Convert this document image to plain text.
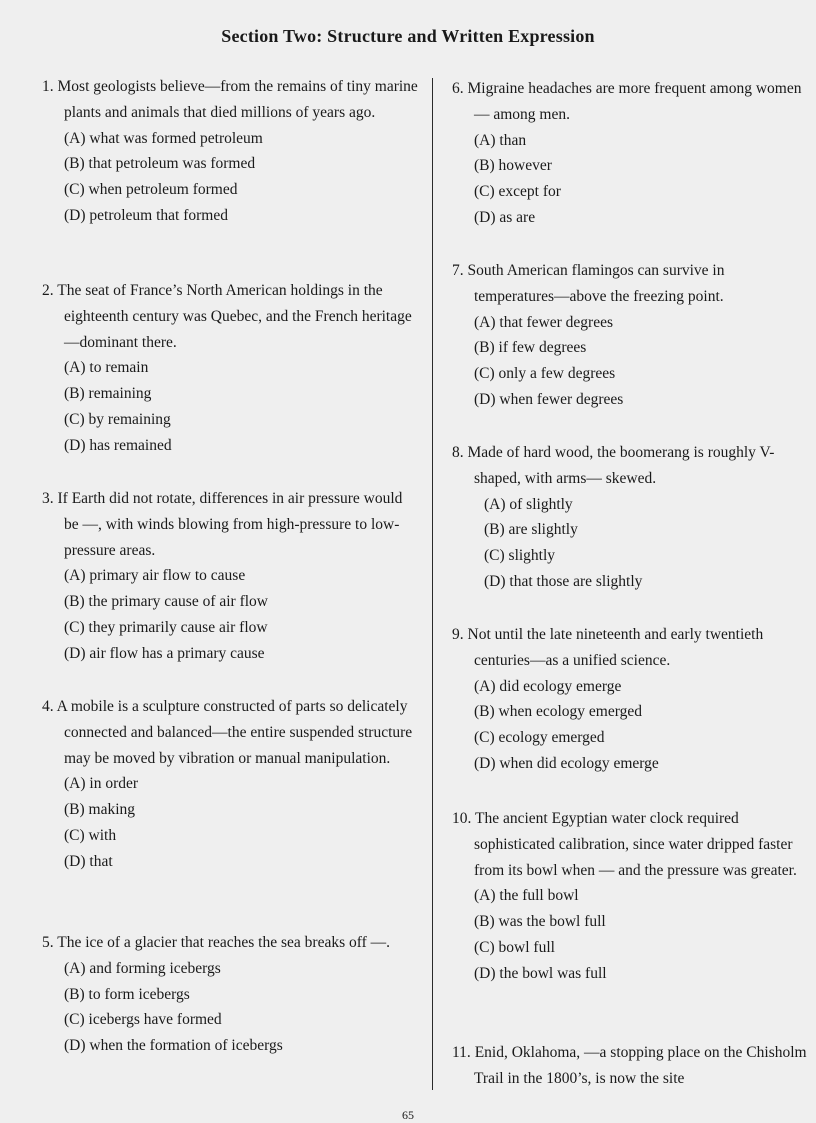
Section Two: Structure and Written Expression

1. Most geologists believe—from the remains of tiny marine plants and animals that died millions of years ago.

(A) what was formed petroleum

(B) that petroleum was formed

(C) when petroleum formed

(D) petroleum that formed

2. The seat of France’s North American holdings in the eighteenth century was Quebec, and the French heritage—dominant there.

(A) to remain

(B) remaining

(C) by remaining

(D) has remained

3. If Earth did not rotate, differences in air pressure would be —, with winds blowing from high-pressure to low-pressure areas.

(A) primary air flow to cause

(B) the primary cause of air flow

(C) they primarily cause air flow

(D) air flow has a primary cause

4. A mobile is a sculpture constructed of parts so delicately connected and balanced—the entire suspended structure may be moved by vibration or manual manipulation.

(A) in order

(B) making

(C) with

(D) that

5. The ice of a glacier that reaches the sea breaks off —.

(A) and forming icebergs

(B) to form icebergs

(C) icebergs have formed

(D) when the formation of icebergs

6. Migraine headaches are more frequent among women— among men.

(A) than

(B) however

(C) except for

(D) as are

7. South American flamingos can survive in temperatures—above the freezing point.

(A) that fewer degrees

(B) if few degrees

(C) only a few degrees

(D) when fewer degrees

8. Made of hard wood, the boomerang is roughly V-shaped, with arms— skewed.

(A) of slightly

(B) are slightly

(C) slightly

(D) that those are slightly

9. Not until the late nineteenth and early twentieth centuries—as a unified science.

(A) did ecology emerge

(B) when ecology emerged

(C) ecology emerged

(D) when did ecology emerge

10. The ancient Egyptian water clock required sophisticated calibration, since water dripped faster from its bowl when — and the pressure was greater.

(A) the full bowl

(B) was the bowl full

(C) bowl full

(D) the bowl was full

11. Enid, Oklahoma, —a stopping place on the Chisholm Trail in the 1800’s, is now the site

65
